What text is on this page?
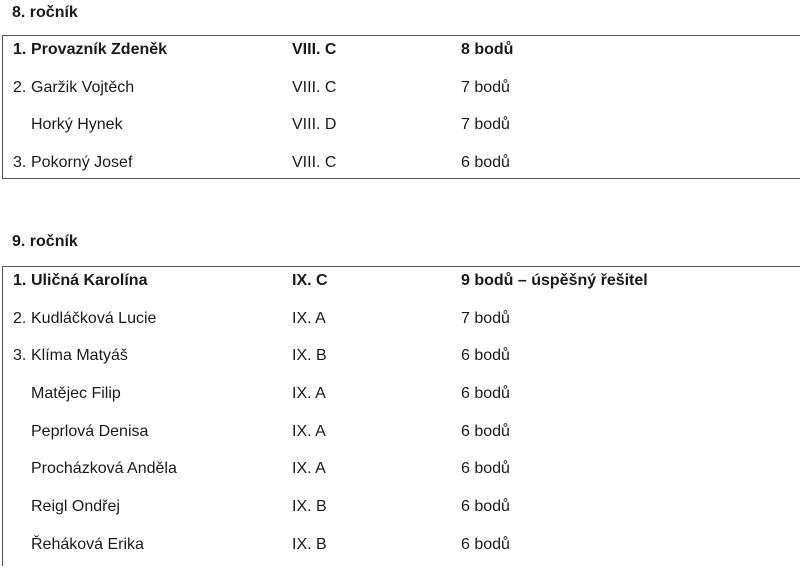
8. ročník
1. Provazník Zdeněk	VIII. C	8 bodů
2. Garžik Vojtěch	VIII. C	7 bodů
Horký Hynek	VIII. D	7 bodů
3. Pokorný Josef	VIII. C	6 bodů
9. ročník
1. Uličná Karolína	IX. C	9 bodů – úspěšný řešitel
2. Kudláčková Lucie	IX. A	7 bodů
3. Klíma Matyáš	IX. B	6 bodů
Matějec Filip	IX. A	6 bodů
Peprlová Denisa	IX. A	6 bodů
Procházková Anděla	IX. A	6 bodů
Reigl Ondřej	IX. B	6 bodů
Řeháková Erika	IX. B	6 bodů
